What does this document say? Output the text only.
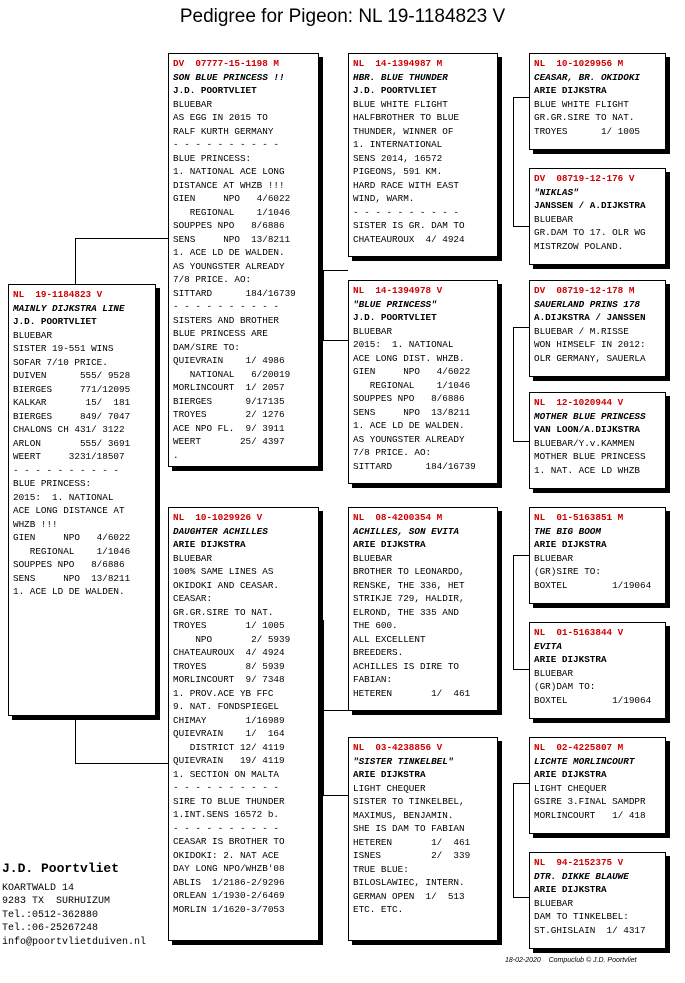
Pedigree for Pigeon: NL 19-1184823 V
NL  19-1184823 V
MAINLY DIJKSTRA LINE
J.D. POORTVLIET
BLUEBAR
SISTER 19-551 WINS
SOFAR 7/10 PRICE.
DUIVEN      555/ 9528
BIERGES     771/12095
KALKAR       15/  181
BIERGES     849/ 7047
CHALONS CH 431/ 3122
ARLON       555/ 3691
WEERT     3231/18507
- - - - - - - - - -
BLUE PRINCESS:
2015:  1. NATIONAL
ACE LONG DISTANCE AT
WHZB !!!
GIEN     NPO   4/6022
REGIONAL    1/1046
SOUPPES NPO   8/6886
SENS     NPO  13/8211
1. ACE LD DE WALDEN.
DV  07777-15-1198 M
SON BLUE PRINCESS !!
J.D. POORTVLIET
BLUEBAR
AS EGG IN 2015 TO
RALF KURTH GERMANY
- - - - - - - - - -
BLUE PRINCESS:
1. NATIONAL ACE LONG
DISTANCE AT WHZB !!!
GIEN     NPO   4/6022
REGIONAL    1/1046
SOUPPES NPO   8/6886
SENS     NPO  13/8211
1. ACE LD DE WALDEN.
AS YOUNGSTER ALREADY
7/8 PRICE. AO:
SITTARD      184/16739
- - - - - - - - - -
SISTERS AND BROTHER
BLUE PRINCESS ARE
DAM/SIRE TO:
QUIEVRAIN    1/ 4986
NATIONAL   6/20019
MORLINCOURT  1/ 2057
BIERGES      9/17135
TROYES       2/ 1276
ACE NPO FL.  9/ 3911
WEERT       25/ 4397
.
NL  10-1029926 V
DAUGHTER ACHILLES
ARIE DIJKSTRA
BLUEBAR
100% SAME LINES AS
OKIDOKI AND CEASAR.
CEASAR:
GR.GR.SIRE TO NAT.
TROYES       1/ 1005
NPO       2/ 5939
CHATEAUROUX  4/ 4924
TROYES       8/ 5939
MORLINCOURT  9/ 7348
1. PROV.ACE YB FFC
9. NAT. FONDSPIEGEL
CHIMAY       1/16989
QUIEVRAIN    1/  164
DISTRICT 12/ 4119
QUIEVRAIN   19/ 4119
1. SECTION ON MALTA
- - - - - - - - - -
SIRE TO BLUE THUNDER
1.INT.SENS 16572 b.
- - - - - - - - - -
CEASAR IS BROTHER TO
OKIDOKI: 2. NAT ACE
DAY LONG NPO/WHZB'08
ABLIS  1/2186-2/9296
ORLEAN 1/1930-2/6469
MORLIN 1/1620-3/7053
NL  14-1394987 M
HBR. BLUE THUNDER
J.D. POORTVLIET
BLUE WHITE FLIGHT
HALFBROTHER TO BLUE
THUNDER, WINNER OF
1. INTERNATIONAL
SENS 2014, 16572
PIGEONS, 591 KM.
HARD RACE WITH EAST
WIND, WARM.
- - - - - - - - - -
SISTER IS GR. DAM TO
CHATEAUROUX  4/ 4924
NL  14-1394978 V
"BLUE PRINCESS"
J.D. POORTVLIET
BLUEBAR
2015:  1. NATIONAL
ACE LONG DIST. WHZB.
GIEN     NPO   4/6022
REGIONAL    1/1046
SOUPPES NPO   8/6886
SENS     NPO  13/8211
1. ACE LD DE WALDEN.
AS YOUNGSTER ALREADY
7/8 PRICE. AO:
SITTARD      184/16739
NL  08-4200354 M
ACHILLES, SON EVITA
ARIE DIJKSTRA
BLUEBAR
BROTHER TO LEONARDO,
RENSKE, THE 336, HET
STRIKJE 729, HALDIR,
ELROND, THE 335 AND
THE 600.
ALL EXCELLENT
BREEDERS.
ACHILLES IS DIRE TO
FABIAN:
HETEREN       1/  461
NL  03-4238856 V
"SISTER TINKELBEL"
ARIE DIJKSTRA
LIGHT CHEQUER
SISTER TO TINKELBEL,
MAXIMUS, BENJAMIN.
SHE IS DAM TO FABIAN
HETEREN       1/  461
ISNES         2/  339
TRUE BLUE:
BILOSLAWIEC, INTERN.
GERMAN OPEN  1/  513
ETC. ETC.
NL  10-1029956 M
CEASAR, BR. OKIDOKI
ARIE DIJKSTRA
BLUE WHITE FLIGHT
GR.GR.SIRE TO NAT.
TROYES      1/ 1005
DV  08719-12-176 V
"NIKLAS"
JANSSEN / A.DIJKSTRA
BLUEBAR
GR.DAM TO 17. OLR WG
MISTRZOW POLAND.
DV  08719-12-178 M
SAUERLAND PRINS 178
A.DIJKSTRA / JANSSEN
BLUEBAR / M.RISSE
WON HIMSELF IN 2012:
OLR GERMANY, SAUERLA
NL  12-1020944 V
MOTHER BLUE PRINCESS
VAN LOON/A.DIJKSTRA
BLUEBAR/Y.v.KAMMEN
MOTHER BLUE PRINCESS
1. NAT. ACE LD WHZB
NL  01-5163851 M
THE BIG BOOM
ARIE DIJKSTRA
BLUEBAR
(GR)SIRE TO:
BOXTEL        1/19064
NL  01-5163844 V
EVITA
ARIE DIJKSTRA
BLUEBAR
(GR)DAM TO:
BOXTEL        1/19064
NL  02-4225807 M
LICHTE MORLINCOURT
ARIE DIJKSTRA
LIGHT CHEQUER
GSIRE 3.FINAL SAMDPR
MORLINCOURT   1/ 418
NL  94-2152375 V
DTR. DIKKE BLAUWE
ARIE DIJKSTRA
BLUEBAR
DAM TO TINKELBEL:
ST.GHISLAIN  1/ 4317
J.D. Poortvliet
KOARTWALD 14
9283 TX  SURHUIZUM
Tel.:0512-362880
Tel.:06-25267248
info@poortvlietduiven.nl
18-02-2020    Compuclub © J.D. Poortvliet
